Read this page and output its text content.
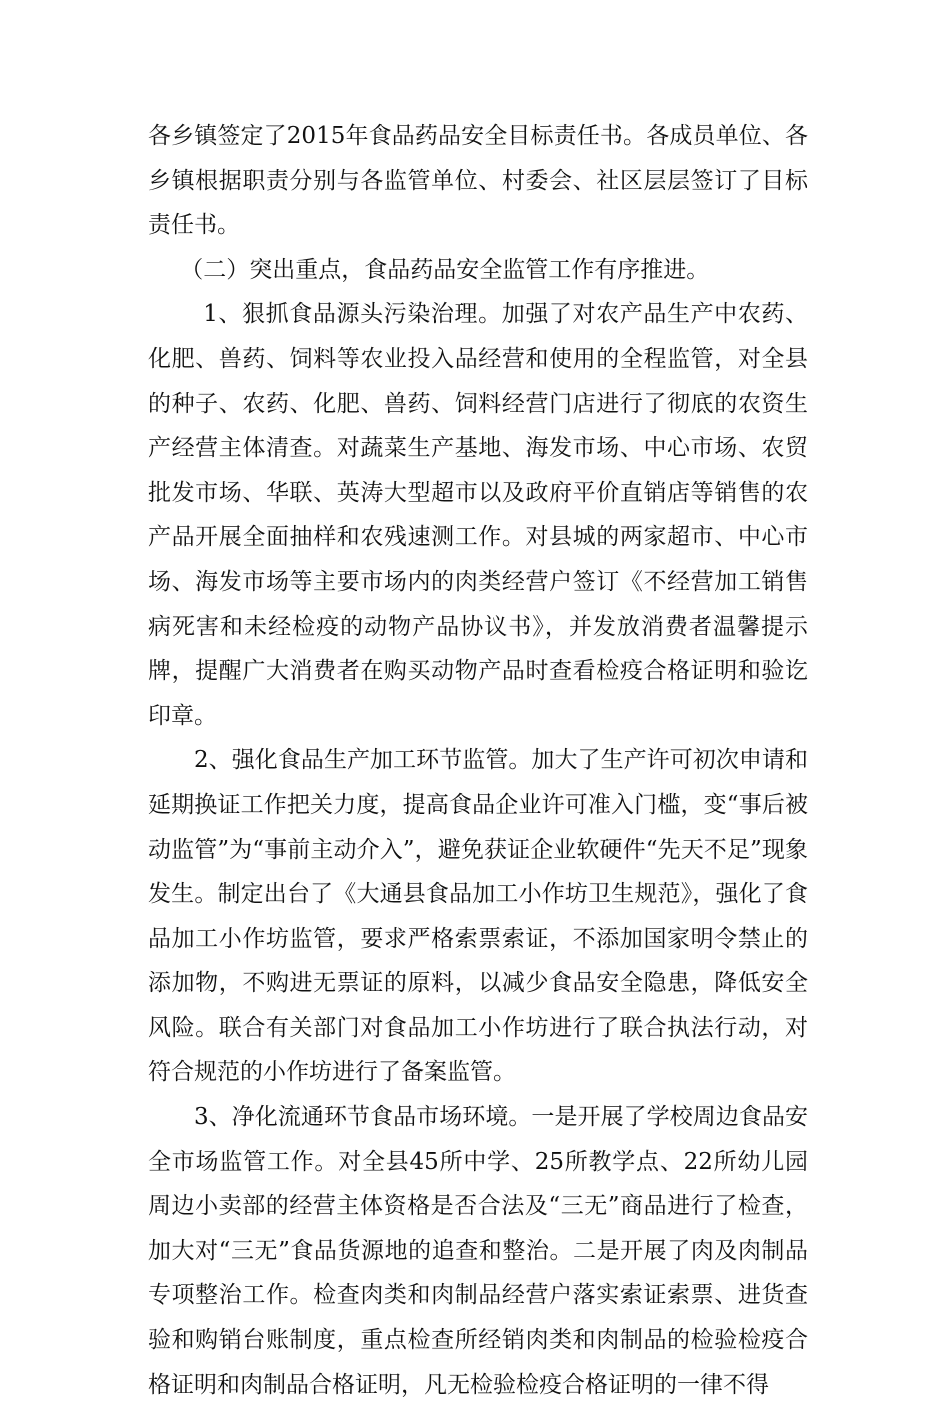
各乡镇签定了2015年食品药品安全目标责任书。各成员单位、各乡镇根据职责分别与各监管单位、村委会、社区层层签订了目标责任书。

（二）突出重点，食品药品安全监管工作有序推进。

1、狠抓食品源头污染治理。加强了对农产品生产中农药、化肥、兽药、饲料等农业投入品经营和使用的全程监管，对全县的种子、农药、化肥、兽药、饲料经营门店进行了彻底的农资生产经营主体清查。对蔬菜生产基地、海发市场、中心市场、农贸批发市场、华联、英涛大型超市以及政府平价直销店等销售的农产品开展全面抽样和农残速测工作。对县城的两家超市、中心市场、海发市场等主要市场内的肉类经营户签订《不经营加工销售病死害和未经检疫的动物产品协议书》，并发放消费者温馨提示牌，提醒广大消费者在购买动物产品时查看检疫合格证明和验讫印章。

2、强化食品生产加工环节监管。加大了生产许可初次申请和延期换证工作把关力度，提高食品企业许可准入门槛，变“事后被动监管”为“事前主动介入”，避免获证企业软硬件“先天不足”现象发生。制定出台了《大通县食品加工小作坊卫生规范》，强化了食品加工小作坊监管，要求严格索票索证，不添加国家明令禁止的添加物，不购进无票证的原料，以减少食品安全隐患，降低安全风险。联合有关部门对食品加工小作坊进行了联合执法行动，对符合规范的小作坊进行了备案监管。

3、净化流通环节食品市场环境。一是开展了学校周边食品安全市场监管工作。对全县45所中学、25所教学点、22所幼儿园周边小卖部的经营主体资格是否合法及“三无”商品进行了检查，加大对“三无”食品货源地的追查和整治。二是开展了肉及肉制品专项整治工作。检查肉类和肉制品经营户落实索证索票、进货查验和购销台账制度，重点检查所经销肉类和肉制品的检验检疫合格证明和肉制品合格证明，凡无检验检疫合格证明的一律不得
